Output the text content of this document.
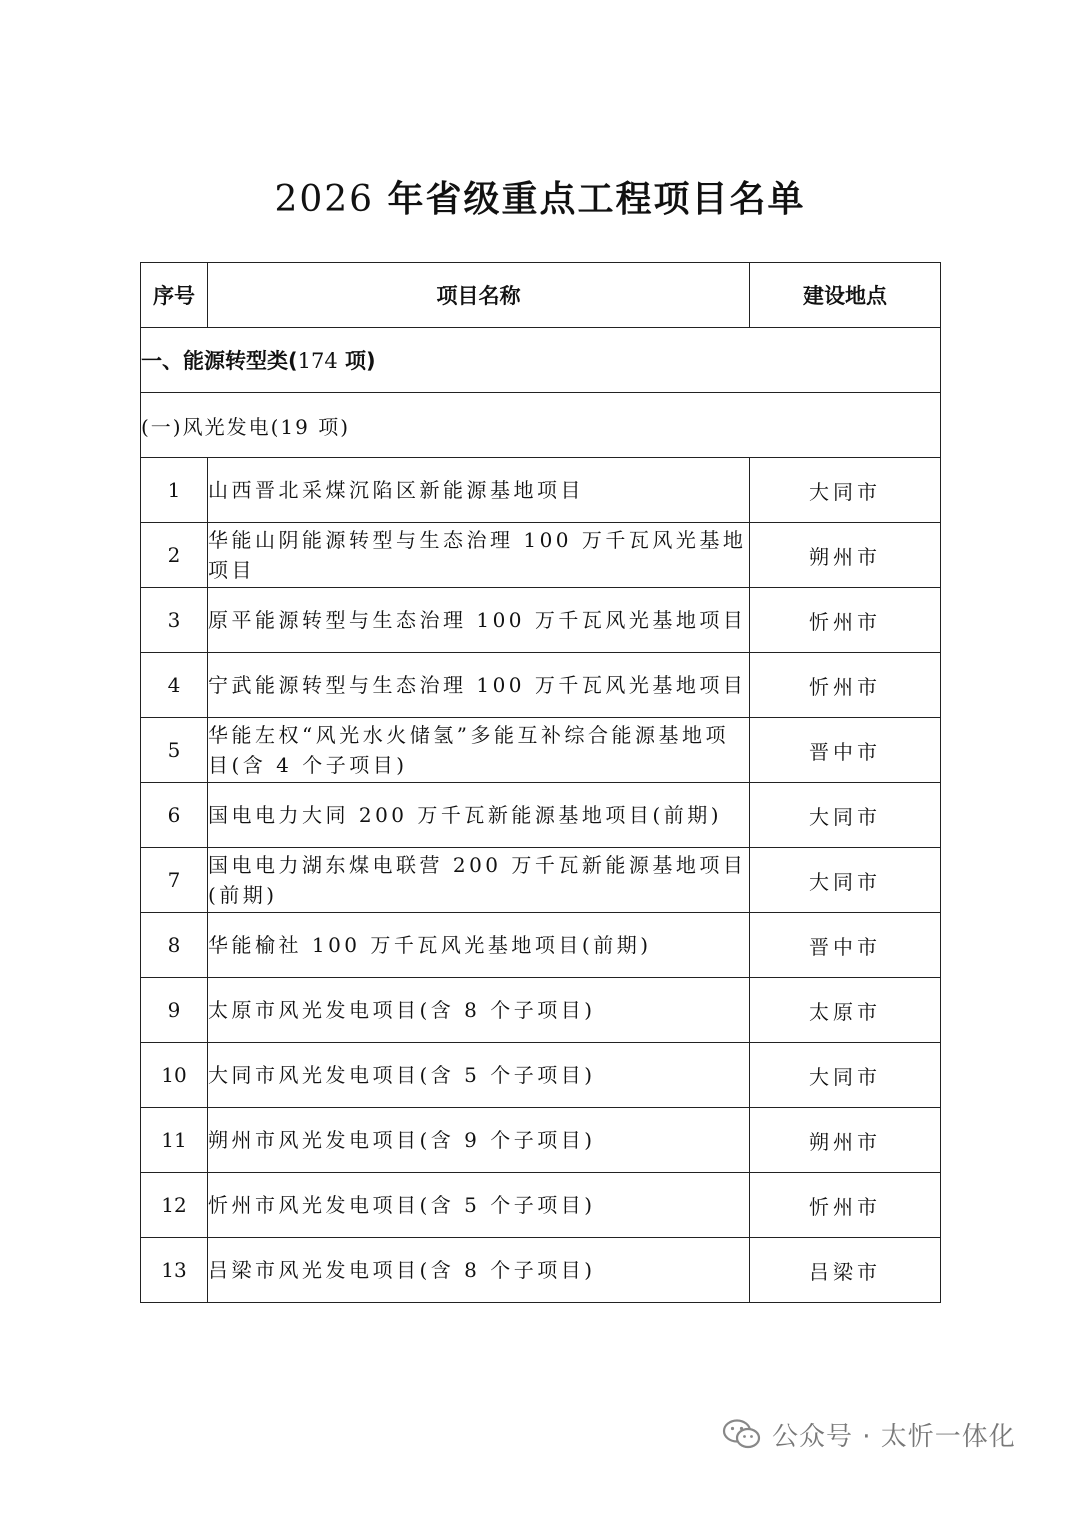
2026 年省级重点工程项目名单
序号	项目名称	建设地点
一、能源转型类(174 项)		
(一)风光发电(19 项)		
1	山西晋北采煤沉陷区新能源基地项目	大同市
2	华能山阴能源转型与生态治理 100 万千瓦风光基地项目	朔州市
3	原平能源转型与生态治理 100 万千瓦风光基地项目	忻州市
4	宁武能源转型与生态治理 100 万千瓦风光基地项目	忻州市
5	华能左权“风光水火储氢”多能互补综合能源基地项目(含 4 个子项目)	晋中市
6	国电电力大同 200 万千瓦新能源基地项目(前期)	大同市
7	国电电力湖东煤电联营 200 万千瓦新能源基地项目(前期)	大同市
8	华能榆社 100 万千瓦风光基地项目(前期)	晋中市
9	太原市风光发电项目(含 8 个子项目)	太原市
10	大同市风光发电项目(含 5 个子项目)	大同市
11	朔州市风光发电项目(含 9 个子项目)	朔州市
12	忻州市风光发电项目(含 5 个子项目)	忻州市
13	吕梁市风光发电项目(含 8 个子项目)	吕梁市
公众号 · 太忻一体化
